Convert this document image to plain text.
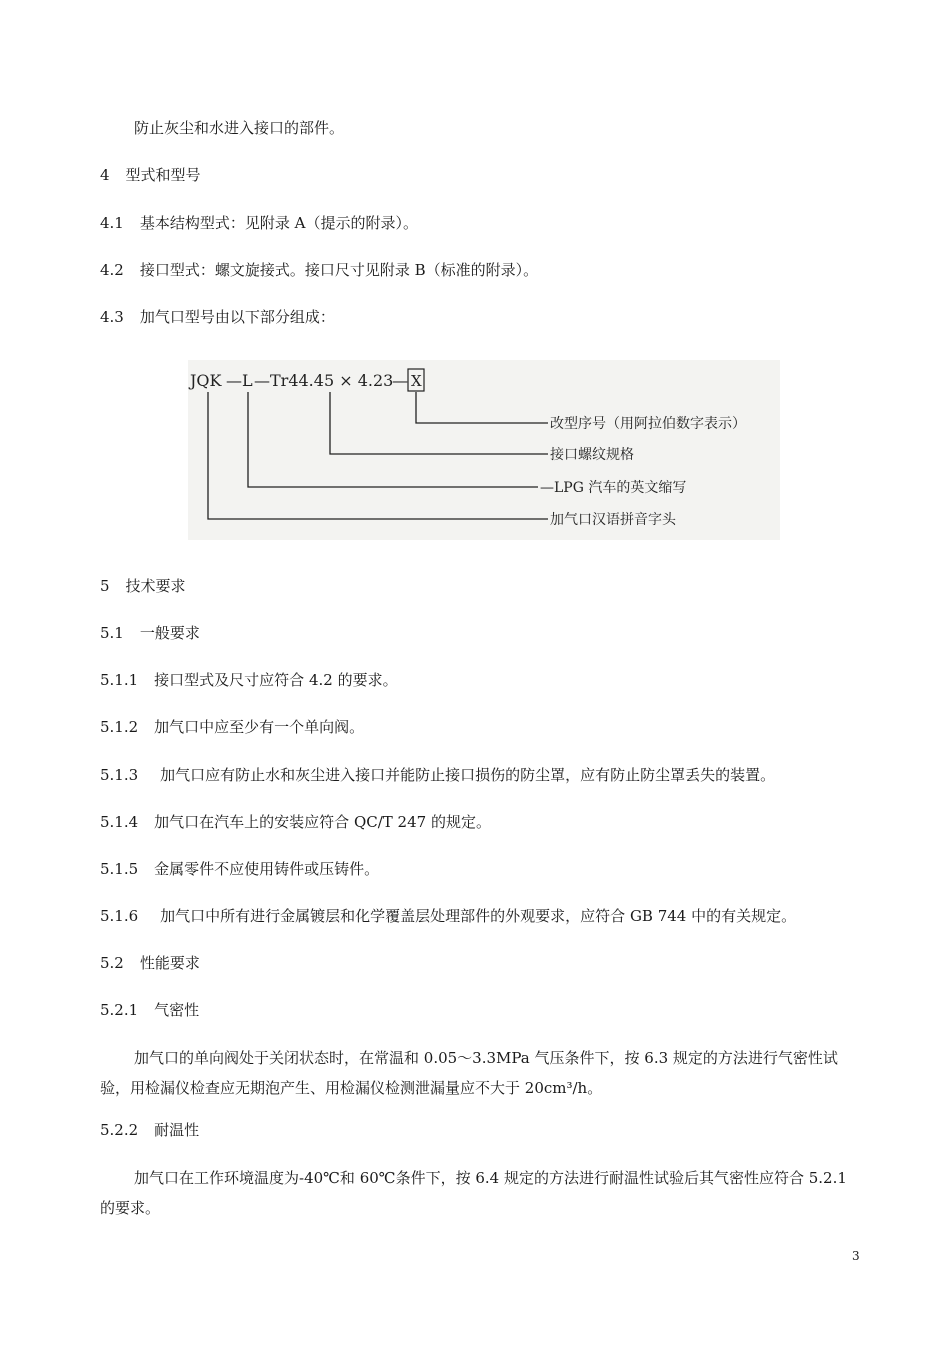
防止灰尘和水进入接口的部件。
4 型式和型号
4.1 基本结构型式：见附录 A（提示的附录）。
4.2 接口型式：螺文旋接式。接口尺寸见附录 B（标准的附录）。
4.3 加气口型号由以下部分组成：
JQK — L — Tr44.45 × 4.23
— X
改型序号（用阿拉伯数字表示）
接口螺纹规格
—LPG 汽车的英文缩写
加气口汉语拼音字头
5 技术要求
5.1 一般要求
5.1.1 接口型式及尺寸应符合 4.2 的要求。
5.1.2 加气口中应至少有一个单向阀。
5.1.3 加气口应有防止水和灰尘进入接口并能防止接口损伤的防尘罩，应有防止防尘罩丢失的装置。
5.1.4 加气口在汽车上的安装应符合 QC/T 247 的规定。
5.1.5 金属零件不应使用铸件或压铸件。
5.1.6 加气口中所有进行金属镀层和化学覆盖层处理部件的外观要求，应符合 GB 744 中的有关规定。
5.2 性能要求
5.2.1 气密性
加气口的单向阀处于关闭状态时，在常温和 0.05～3.3MPa 气压条件下，按 6.3 规定的方法进行气密性试验，用检漏仪检查应无期泡产生、用检漏仪检测泄漏量应不大于 20cm³/h。
5.2.2 耐温性
加气口在工作环境温度为-40℃和 60℃条件下，按 6.4 规定的方法进行耐温性试验后其气密性应符合 5.2.1 的要求。
3
